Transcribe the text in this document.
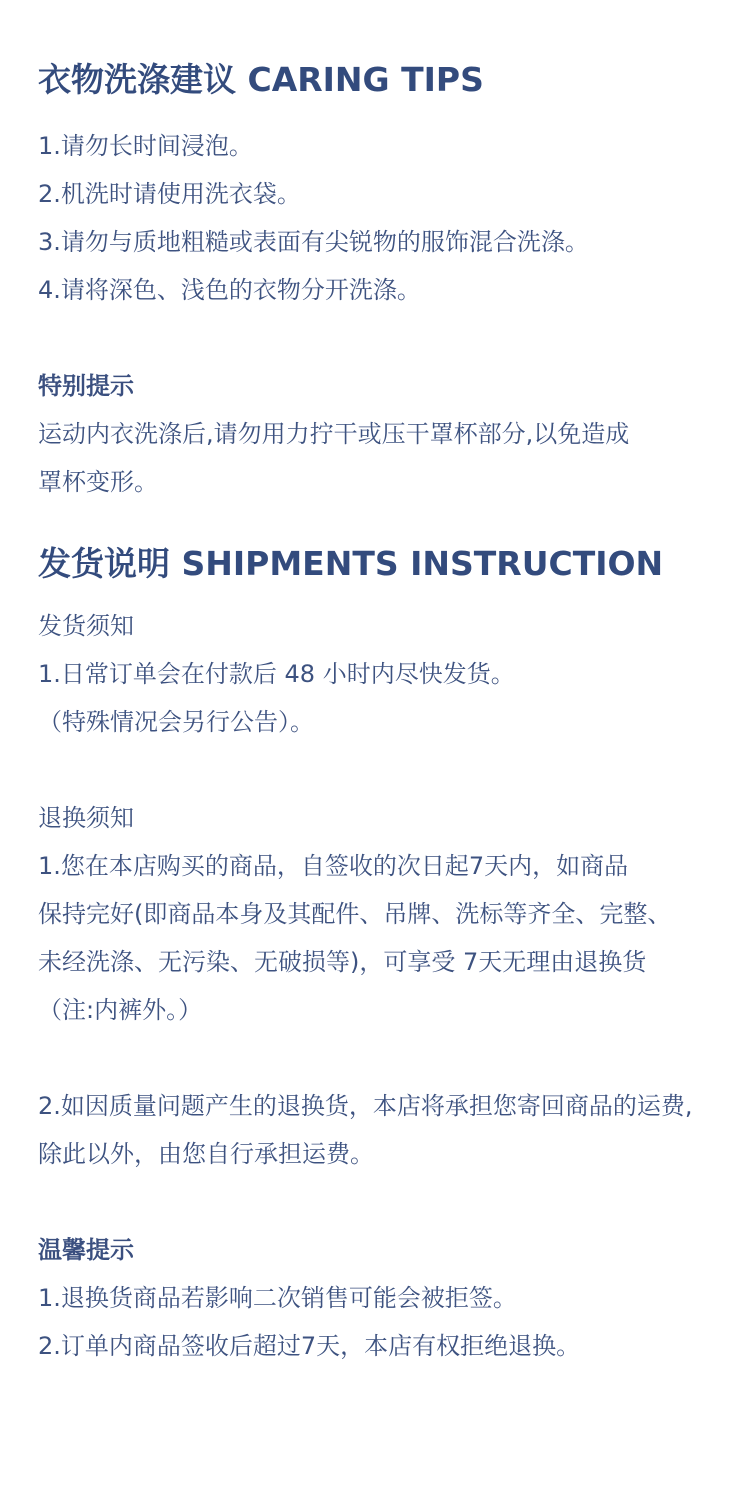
衣物洗涤建议 CARING TIPS

1.请勿长时间浸泡。

2.机洗时请使用洗衣袋。

3.请勿与质地粗糙或表面有尖锐物的服饰混合洗涤。

4.请将深色、浅色的衣物分开洗涤。

特别提示

运动内衣洗涤后,请勿用力拧干或压干罩杯部分,以免造成

罩杯变形。

发货说明 SHIPMENTS INSTRUCTION

发货须知

1.日常订单会在付款后 48 小时内尽快发货。

（特殊情况会另行公告）。

退换须知

1.您在本店购买的商品，自签收的次日起7天内，如商品

保持完好(即商品本身及其配件、吊牌、洗标等齐全、完整、

未经洗涤、无污染、无破损等)，可享受 7天无理由退换货

（注:内裤外。）

2.如因质量问题产生的退换货，本店将承担您寄回商品的运费,

除此以外，由您自行承担运费。

温馨提示

1.退换货商品若影响二次销售可能会被拒签。

2.订单内商品签收后超过7天，本店有权拒绝退换。
